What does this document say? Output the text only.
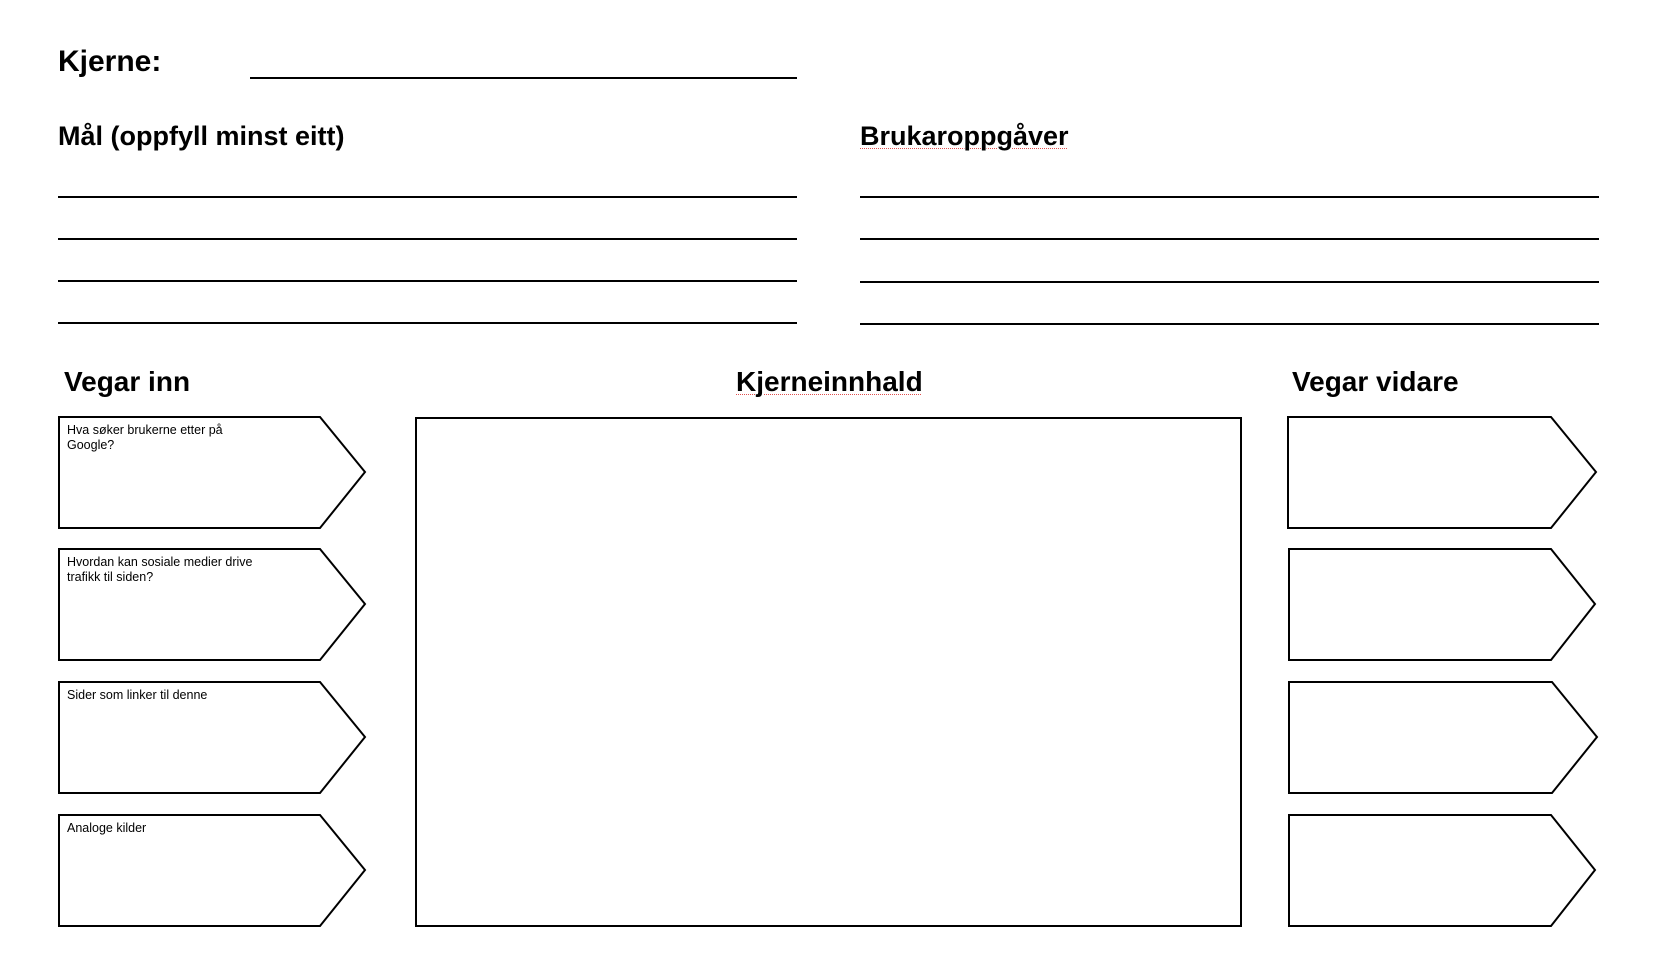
Kjerne:
Mål (oppfyll minst eitt)	Brukaroppgåver
Vegar inn	Kjerneinnhald	Vegar vidare
Hva søker brukerne etter på Google?
Hvordan kan sosiale medier drive trafikk til siden?
Sider som linker til denne
Analoge kilder
